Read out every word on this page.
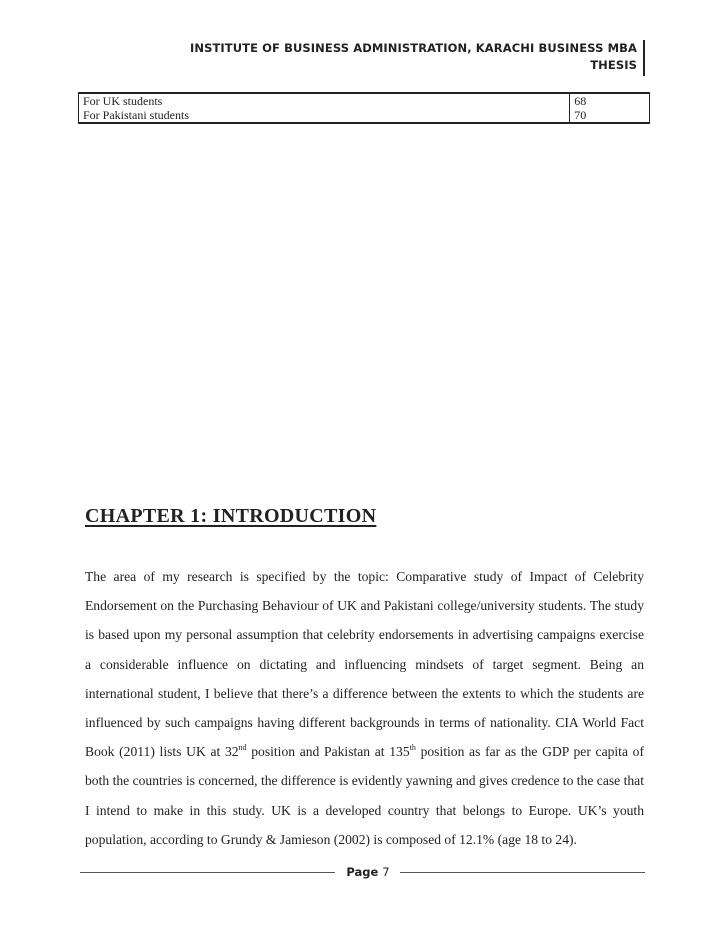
INSTITUTE OF BUSINESS ADMINISTRATION, KARACHI BUSINESS MBA
THESIS
For UK students	68
For Pakistani students	70
CHAPTER 1: INTRODUCTION

The area of my research is specified by the topic: Comparative study of Impact of Celebrity Endorsement on the Purchasing Behaviour of UK and Pakistani college/university students. The study is based upon my personal assumption that celebrity endorsements in advertising campaigns exercise a considerable influence on dictating and influencing mindsets of target segment. Being an international student, I believe that there’s a difference between the extents to which the students are influenced by such campaigns having different backgrounds in terms of nationality. CIA World Fact Book (2011) lists UK at 32nd position and Pakistan at 135th position as far as the GDP per capita of both the countries is concerned, the difference is evidently yawning and gives credence to the case that I intend to make in this study. UK is a developed country that belongs to Europe. UK’s youth population, according to Grundy & Jamieson (2002) is composed of 12.1% (age 18 to 24).

Page 7
